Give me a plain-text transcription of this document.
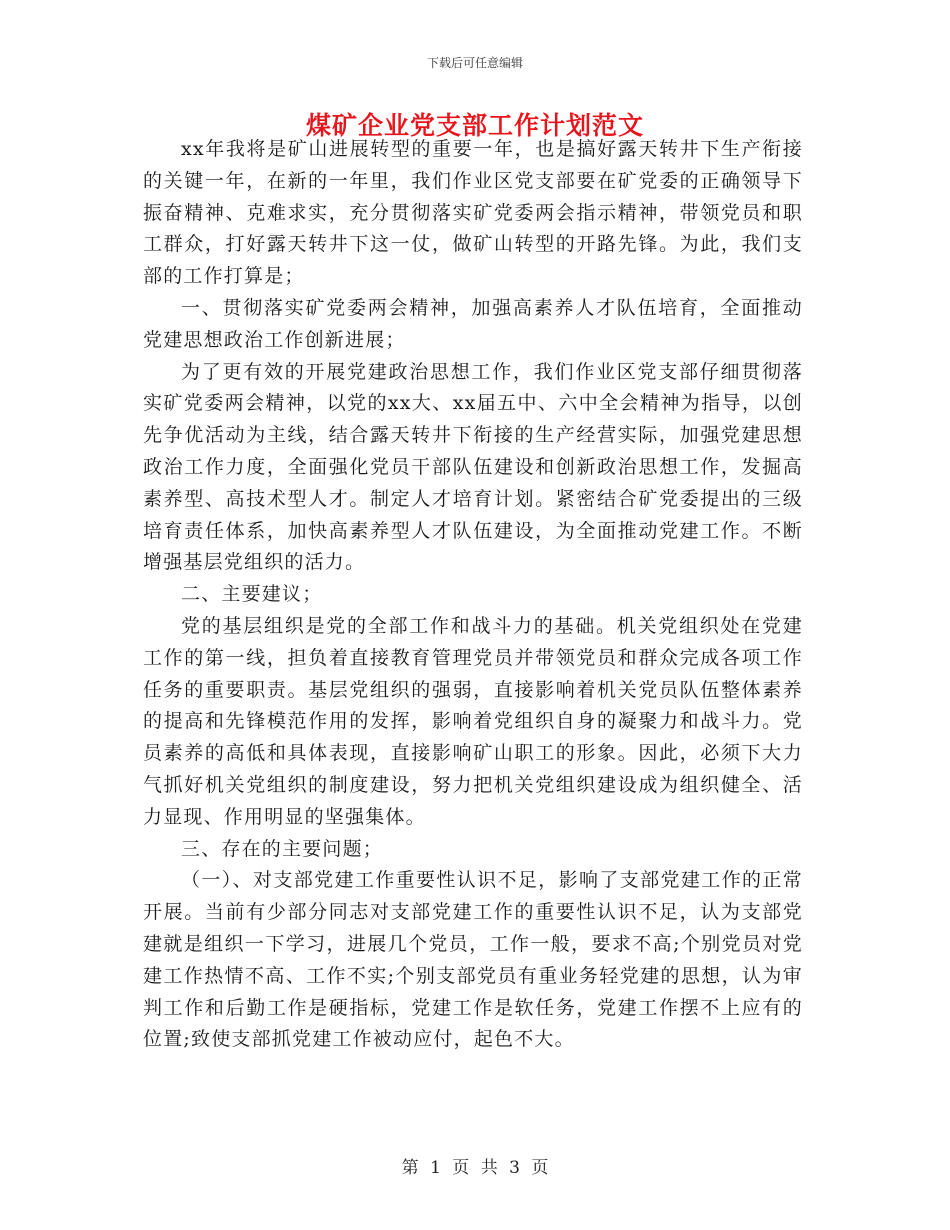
下载后可任意编辑
煤矿企业党支部工作计划范文

xx年我将是矿山进展转型的重要一年，也是搞好露天转井下生产衔接的关键一年，在新的一年里，我们作业区党支部要在矿党委的正确领导下振奋精神、克难求实，充分贯彻落实矿党委两会指示精神，带领党员和职工群众，打好露天转井下这一仗，做矿山转型的开路先锋。为此，我们支部的工作打算是；

一、贯彻落实矿党委两会精神，加强高素养人才队伍培育，全面推动党建思想政治工作创新进展；

为了更有效的开展党建政治思想工作，我们作业区党支部仔细贯彻落实矿党委两会精神，以党的xx大、xx届五中、六中全会精神为指导，以创先争优活动为主线，结合露天转井下衔接的生产经营实际，加强党建思想政治工作力度，全面强化党员干部队伍建设和创新政治思想工作，发掘高素养型、高技术型人才。制定人才培育计划。紧密结合矿党委提出的三级培育责任体系，加快高素养型人才队伍建设，为全面推动党建工作。不断增强基层党组织的活力。

二、主要建议；

党的基层组织是党的全部工作和战斗力的基础。机关党组织处在党建工作的第一线，担负着直接教育管理党员并带领党员和群众完成各项工作任务的重要职责。基层党组织的强弱，直接影响着机关党员队伍整体素养的提高和先锋模范作用的发挥，影响着党组织自身的凝聚力和战斗力。党员素养的高低和具体表现，直接影响矿山职工的形象。因此，必须下大力气抓好机关党组织的制度建设，努力把机关党组织建设成为组织健全、活力显现、作用明显的坚强集体。

三、存在的主要问题；

（一）、对支部党建工作重要性认识不足，影响了支部党建工作的正常开展。当前有少部分同志对支部党建工作的重要性认识不足，认为支部党建就是组织一下学习，进展几个党员，工作一般，要求不高;个别党员对党建工作热情不高、工作不实;个别支部党员有重业务轻党建的思想，认为审判工作和后勤工作是硬指标，党建工作是软任务，党建工作摆不上应有的位置;致使支部抓党建工作被动应付，起色不大。

第 1 页 共 3 页
